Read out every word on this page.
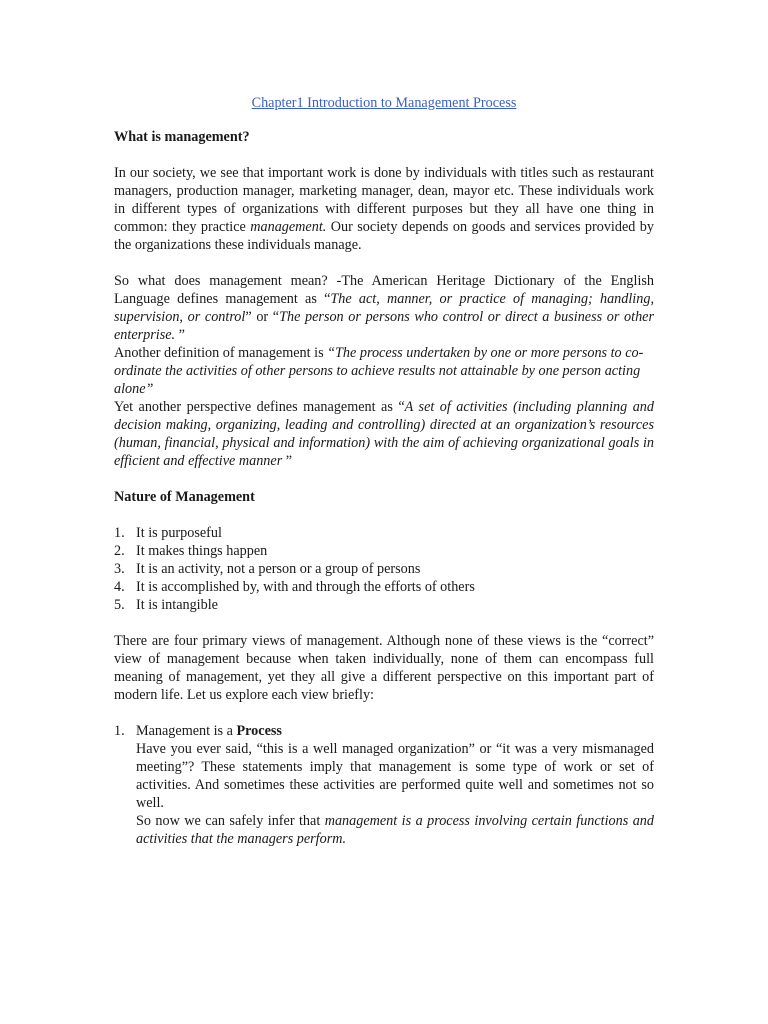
Chapter1 Introduction to Management Process
What is management?

In our society, we see that important work is done by individuals with titles such as restaurant managers, production manager, marketing manager, dean, mayor etc. These individuals work in different types of organizations with different purposes but they all have one thing in common: they practice management. Our society depends on goods and services provided by the organizations these individuals manage.

So what does management mean? -The American Heritage Dictionary of the English Language defines management as “The act, manner, or practice of managing; handling, supervision, or control” or “The person or persons who control or direct a business or other enterprise. ”

Another definition of management is “The process undertaken by one or more persons to co-ordinate the activities of other persons to achieve results not attainable by one person acting alone”

Yet another perspective defines management as “A set of activities (including planning and decision making, organizing, leading and controlling) directed at an organization’s resources (human, financial, physical and information) with the aim of achieving organizational goals in efficient and effective manner ”

Nature of Management
1. It is purposeful
2. It makes things happen
3. It is an activity, not a person or a group of persons
4. It is accomplished by, with and through the efforts of others
5. It is intangible

There are four primary views of management. Although none of these views is the “correct” view of management because when taken individually, none of them can encompass full meaning of management, yet they all give a different perspective on this important part of modern life. Let us explore each view briefly:

1. Management is a Process

Have you ever said, “this is a well managed organization” or “it was a very mismanaged meeting”? These statements imply that management is some type of work or set of activities. And sometimes these activities are performed quite well and sometimes not so well.

So now we can safely infer that management is a process involving certain functions and activities that the managers perform.
